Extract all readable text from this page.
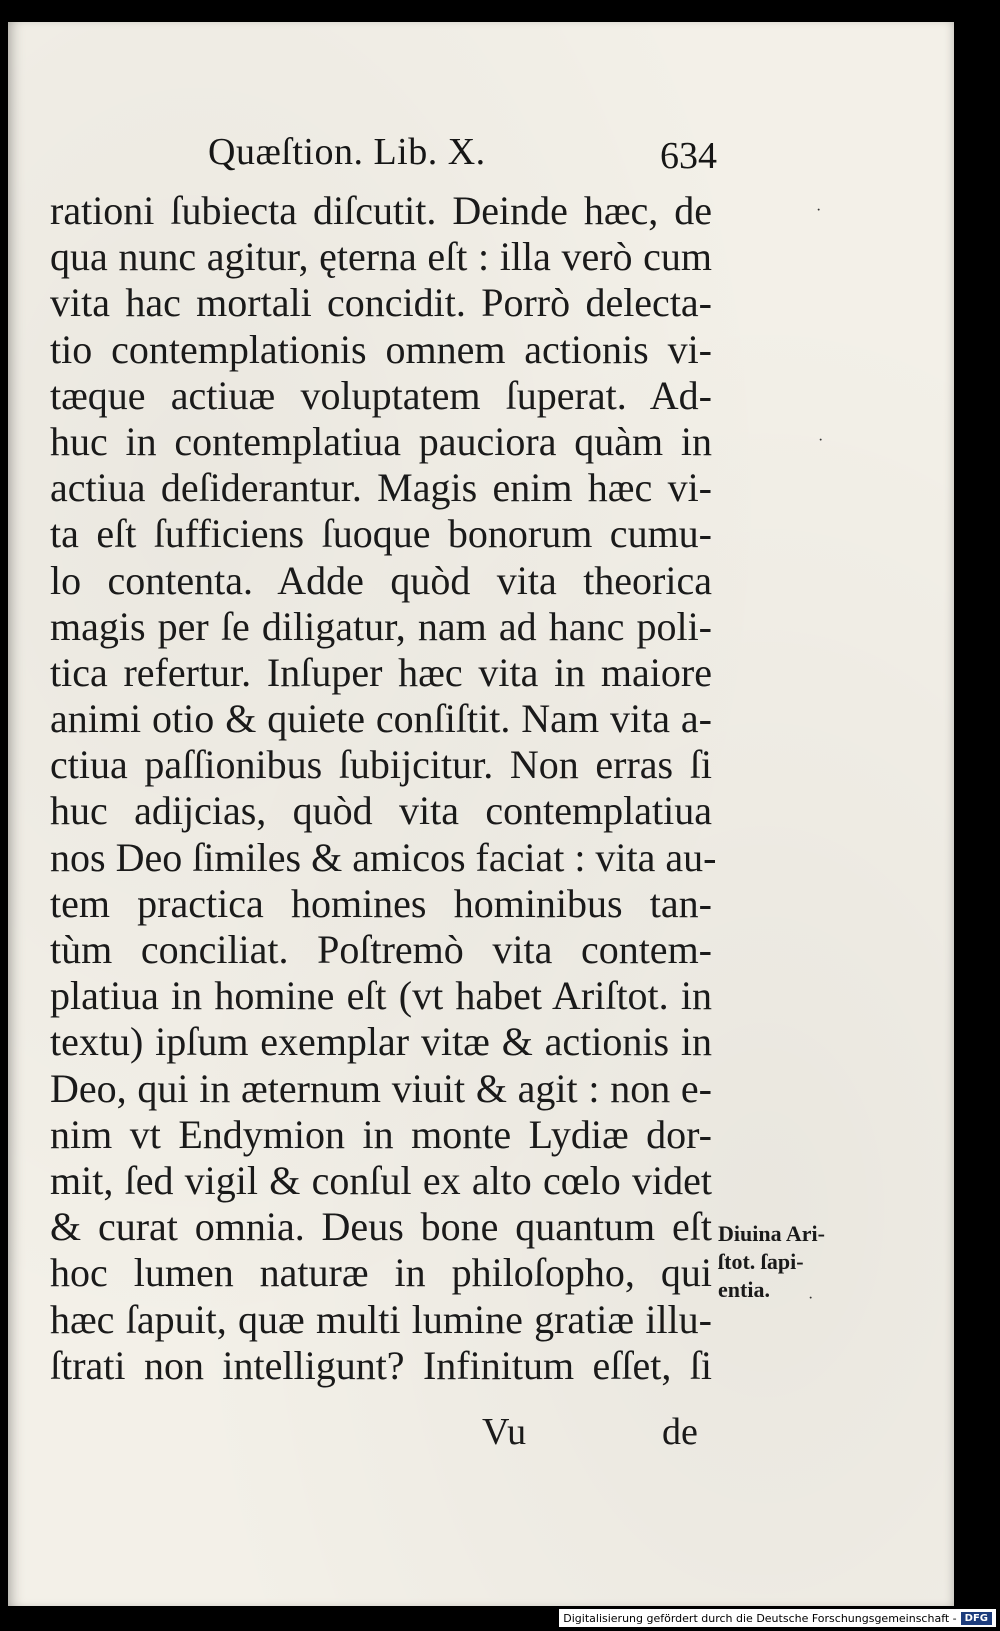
Quæſtion. Lib. X.	634
rationi ſubiecta diſcutit. Deinde hæc, de
qua nunc agitur, ęterna eſt : illa verò cum
vita hac mortali concidit. Porrò delecta-
tio contemplationis omnem actionis vi-
tæque actiuæ voluptatem ſuperat. Ad-
huc in contemplatiua pauciora quàm in
actiua deſiderantur. Magis enim hæc vi-
ta eſt ſufficiens ſuoque bonorum cumu-
lo contenta. Adde quòd vita theorica
magis per ſe diligatur, nam ad hanc poli-
tica refertur. Inſuper hæc vita in maiore
animi otio & quiete conſiſtit. Nam vita a-
ctiua paſſionibus ſubijcitur. Non erras ſi
huc adijcias, quòd vita contemplatiua
nos Deo ſimiles & amicos faciat : vita au-
tem practica homines hominibus tan-
tùm conciliat. Poſtremò vita contem-
platiua in homine eſt (vt habet Ariſtot. in
textu) ipſum exemplar vitæ & actionis in
Deo, qui in æternum viuit & agit : non e-
nim vt Endymion in monte Lydiæ dor-
mit, ſed vigil & conſul ex alto cœlo videt
& curat omnia. Deus bone quantum eſt
hoc lumen naturæ in philoſopho, qui
hæc ſapuit, quæ multi lumine gratiæ illu-
ſtrati non intelligunt? Infinitum eſſet, ſi
Vu	de
Diuina Ari-
ſtot. ſapi-
entia.
·
·
·
Digitalisierung gefördert durch die Deutsche Forschungsgemeinschaft - DFG
